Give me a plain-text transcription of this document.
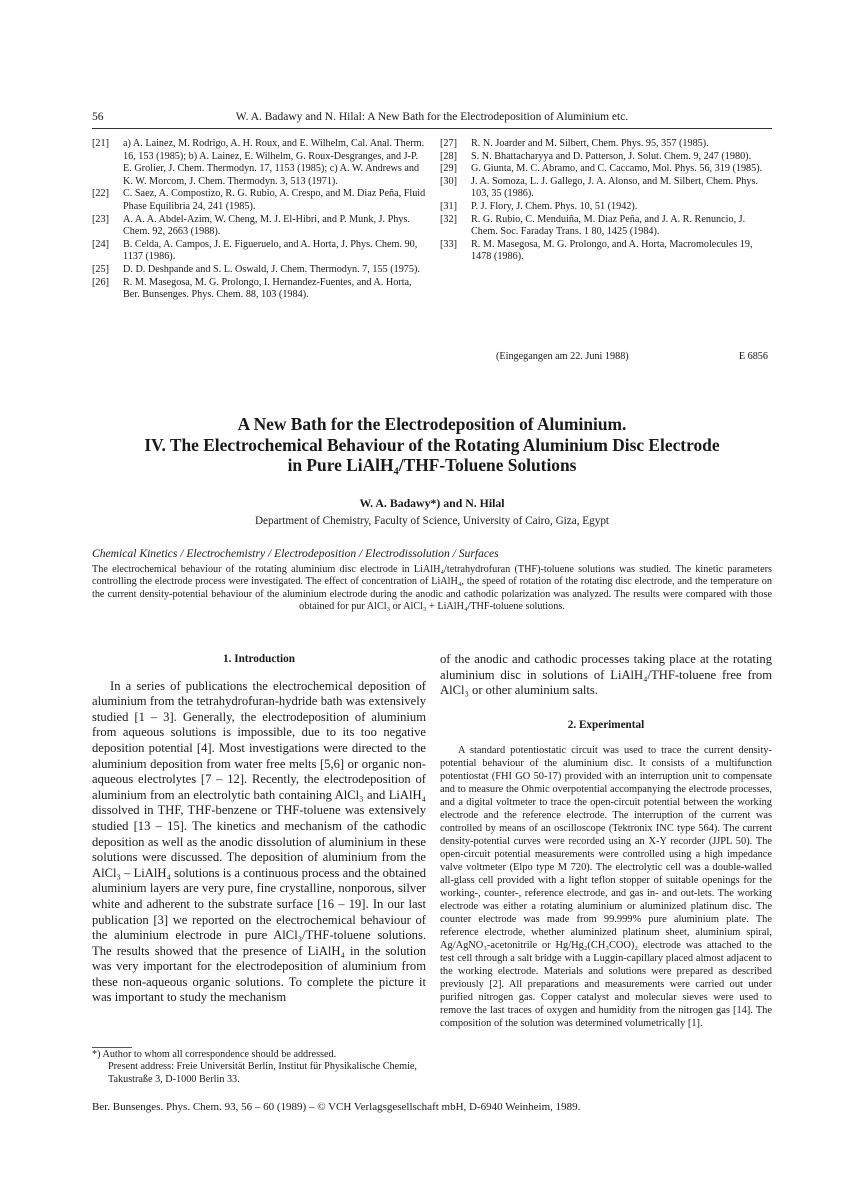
56	W. A. Badawy and N. Hilal: A New Bath for the Electrodeposition of Aluminium etc.

[21] a) A. Lainez, M. Rodrigo, A. H. Roux, and E. Wilhelm, Cal. Anal. Therm. 16, 153 (1985); b) A. Lainez, E. Wilhelm, G. Roux-Desgranges, and J-P. E. Grolier, J. Chem. Thermodyn. 17, 1153 (1985); c) A. W. Andrews and K. W. Morcom, J. Chem. Thermodyn. 3, 513 (1971).

[22] C. Saez, A. Compostizo, R. G. Rubio, A. Crespo, and M. Diaz Peña, Fluid Phase Equilibria 24, 241 (1985).

[23] A. A. A. Abdel-Azim, W. Cheng, M. J. El-Hibri, and P. Munk, J. Phys. Chem. 92, 2663 (1988).

[24] B. Celda, A. Campos, J. E. Figueruelo, and A. Horta, J. Phys. Chem. 90, 1137 (1986).

[25] D. D. Deshpande and S. L. Oswald, J. Chem. Thermodyn. 7, 155 (1975).

[26] R. M. Masegosa, M. G. Prolongo, I. Hernandez-Fuentes, and A. Horta, Ber. Bunsenges. Phys. Chem. 88, 103 (1984).

[27] R. N. Joarder and M. Silbert, Chem. Phys. 95, 357 (1985).

[28] S. N. Bhattacharyya and D. Patterson, J. Solut. Chem. 9, 247 (1980).

[29] G. Giunta, M. C. Abramo, and C. Caccamo, Mol. Phys. 56, 319 (1985).

[30] J. A. Somoza, L. J. Gallego, J. A. Alonso, and M. Silbert, Chem. Phys. 103, 35 (1986).

[31] P. J. Flory, J. Chem. Phys. 10, 51 (1942).

[32] R. G. Rubio, C. Menduiña, M. Diaz Peña, and J. A. R. Renuncio, J. Chem. Soc. Faraday Trans. 1 80, 1425 (1984).

[33] R. M. Masegosa, M. G. Prolongo, and A. Horta, Macromolecules 19, 1478 (1986).

(Eingegangen am 22. Juni 1988)	E 6856
A New Bath for the Electrodeposition of Aluminium.
IV. The Electrochemical Behaviour of the Rotating Aluminium Disc Electrode
in Pure LiAlH₄/THF-Toluene Solutions
W. A. Badawy*) and N. Hilal
Department of Chemistry, Faculty of Science, University of Cairo, Giza, Egypt
Chemical Kinetics / Electrochemistry / Electrodeposition / Electrodissolution / Surfaces
The electrochemical behaviour of the rotating aluminium disc electrode in LiAlH₄/tetrahydrofuran (THF)-toluene solutions was studied. The kinetic parameters controlling the electrode process were investigated. The effect of concentration of LiAlH₄, the speed of rotation of the rotating disc electrode, and the temperature on the current density-potential behaviour of the aluminium electrode during the anodic and cathodic polarization was analyzed. The results were compared with those obtained for pur AlCl₃ or AlCl₃ + LiAlH₄/THF-toluene solutions.
1. Introduction

In a series of publications the electrochemical deposition of aluminium from the tetrahydrofuran-hydride bath was extensively studied [1 – 3]. Generally, the electrodeposition of aluminium from aqueous solutions is impossible, due to its too negative deposition potential [4]. Most investigations were directed to the aluminium deposition from water free melts [5,6] or organic non-aqueous electrolytes [7 – 12]. Recently, the electrodeposition of aluminium from an electrolytic bath containing AlCl₃ and LiAlH₄ dissolved in THF, THF-benzene or THF-toluene was extensively studied [13 – 15]. The kinetics and mechanism of the cathodic deposition as well as the anodic dissolution of aluminium in these solutions were discussed. The deposition of aluminium from the AlCl₃ – LiAlH₄ solutions is a continuous process and the obtained aluminium layers are very pure, fine crystalline, nonporous, silver white and adherent to the substrate surface [16 – 19]. In our last publication [3] we reported on the electrochemical behaviour of the aluminium electrode in pure AlCl₃/THF-toluene solutions. The results showed that the presence of LiAlH₄ in the solution was very important for the electrodeposition of aluminium from these non-aqueous organic solutions. To complete the picture it was important to study the mechanism

of the anodic and cathodic processes taking place at the rotating aluminium disc in solutions of LiAlH₄/THF-toluene free from AlCl₃ or other aluminium salts.

2. Experimental

A standard potentiostatic circuit was used to trace the current density-potential behaviour of the aluminium disc. It consists of a multifunction potentiostat (FHI GO 50-17) provided with an interruption unit to compensate and to measure the Ohmic overpotential accompanying the electrode processes, and a digital voltmeter to trace the open-circuit potential between the working electrode and the reference electrode. The interruption of the current was controlled by means of an oscilloscope (Tektronix INC type 564). The current density-potential curves were recorded using an X-Y recorder (JJPL 50). The open-circuit potential measurements were controlled using a high impedance valve voltmeter (Elpo type M 720). The electrolytic cell was a double-walled all-glass cell provided with a light teflon stopper of suitable openings for the working-, counter-, reference electrode, and gas in- and out-lets. The working electrode was either a rotating aluminium or aluminized platinum disc. The counter electrode was made from 99.999% pure aluminium plate. The reference electrode, whether aluminized platinum sheet, aluminium spiral, Ag/AgNO₃-acetonitrile or Hg/Hg₂(CH₃COO)₂ electrode was attached to the test cell through a salt bridge with a Luggin-capillary placed almost adjacent to the working electrode. Materials and solutions were prepared as described previously [2]. All preparations and measurements were carried out under purified nitrogen gas. Copper catalyst and molecular sieves were used to remove the last traces of oxygen and humidity from the nitrogen gas [14]. The composition of the solution was determined volumetrically [1].

*) Author to whom all correspondence should be addressed.

Present address: Freie Universität Berlin, Institut für Physikalische Chemie, Takustraße 3, D-1000 Berlin 33.

Ber. Bunsenges. Phys. Chem. 93, 56 – 60 (1989) – © VCH Verlagsgesellschaft mbH, D-6940 Weinheim, 1989.
